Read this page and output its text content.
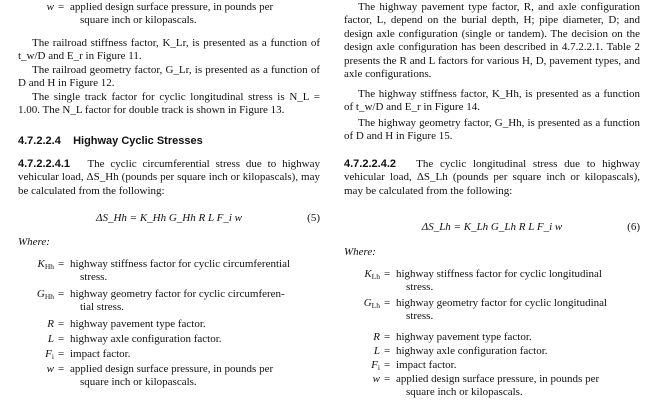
w = applied design surface pressure, in pounds per
square inch or kilopascals.
The railroad stiffness factor, K_Lr, is presented as a function of t_w/D and E_r in Figure 11.
The railroad geometry factor, G_Lr, is presented as a function of D and H in Figure 12.
The single track factor for cyclic longitudinal stress is N_L = 1.00. The N_L factor for double track is shown in Figure 13.
4.7.2.2.4 Highway Cyclic Stresses
4.7.2.2.4.1 The cyclic circumferential stress due to highway vehicular load, ΔS_Hh (pounds per square inch or kilopascals), may be calculated from the following:
ΔS_Hh = K_Hh G_Hh R L F_i w	(5)
Where:
$K_{Hh}$ = highway stiffness factor for cyclic circumferential
stress.
$G_{Hh}$ = highway geometry factor for cyclic circumferen-
tial stress.
R = highway pavement type factor.
L = highway axle configuration factor.
$F_i$ = impact factor.
w = applied design surface pressure, in pounds per
square inch or kilopascals.
The highway pavement type factor, R, and axle configuration factor, L, depend on the burial depth, H; pipe diameter, D; and design axle configuration (single or tandem). The decision on the design axle configuration has been described in 4.7.2.2.1. Table 2 presents the R and L factors for various H, D, pavement types, and axle configurations.
The highway stiffness factor, K_Hh, is presented as a function of t_w/D and E_r in Figure 14.
The highway geometry factor, G_Hh, is presented as a function of D and H in Figure 15.
4.7.2.2.4.2 The cyclic longitudinal stress due to highway vehicular load, ΔS_Lh (pounds per square inch or kilopascals), may be calculated from the following:
ΔS_Lh = K_Lh G_Lh R L F_i w	(6)
Where:
$K_{Lh}$ = highway stiffness factor for cyclic longitudinal
stress.
$G_{Lh}$ = highway geometry factor for cyclic longitudinal
stress.
R = highway pavement type factor.
L = highway axle configuration factor.
$F_i$ = impact factor.
w = applied design surface pressure, in pounds per
square inch or kilopascals.
